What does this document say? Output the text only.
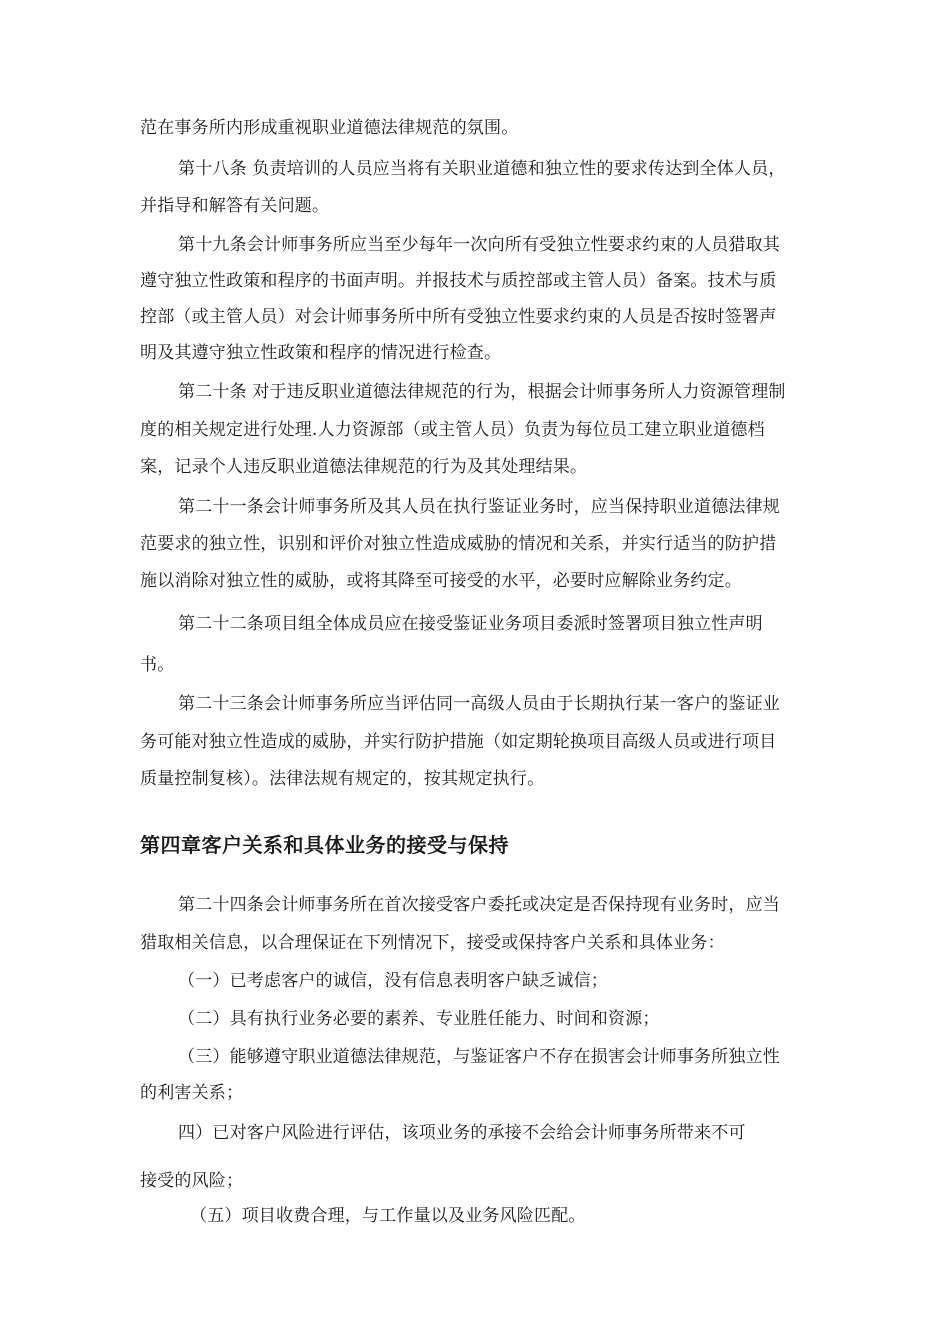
范在事务所内形成重视职业道德法律规范的氛围。

第十八条 负责培训的人员应当将有关职业道德和独立性的要求传达到全体人员，

并指导和解答有关问题。

第十九条会计师事务所应当至少每年一次向所有受独立性要求约束的人员猎取其

遵守独立性政策和程序的书面声明。并报技术与质控部或主管人员）备案。技术与质

控部（或主管人员）对会计师事务所中所有受独立性要求约束的人员是否按时签署声

明及其遵守独立性政策和程序的情况进行检查。

第二十条 对于违反职业道德法律规范的行为，根据会计师事务所人力资源管理制

度的相关规定进行处理.人力资源部（或主管人员）负责为每位员工建立职业道德档

案，记录个人违反职业道德法律规范的行为及其处理结果。

第二十一条会计师事务所及其人员在执行鉴证业务时，应当保持职业道德法律规

范要求的独立性，识别和评价对独立性造成威胁的情况和关系，并实行适当的防护措

施以消除对独立性的威胁，或将其降至可接受的水平，必要时应解除业务约定。

第二十二条项目组全体成员应在接受鉴证业务项目委派时签署项目独立性声明

书。

第二十三条会计师事务所应当评估同一高级人员由于长期执行某一客户的鉴证业

务可能对独立性造成的威胁，并实行防护措施（如定期轮换项目高级人员或进行项目

质量控制复核）。法律法规有规定的，按其规定执行。

第四章客户关系和具体业务的接受与保持

第二十四条会计师事务所在首次接受客户委托或决定是否保持现有业务时，应当

猎取相关信息，以合理保证在下列情况下，接受或保持客户关系和具体业务：

（一）已考虑客户的诚信，没有信息表明客户缺乏诚信；

（二）具有执行业务必要的素养、专业胜任能力、时间和资源；

（三）能够遵守职业道德法律规范，与鉴证客户不存在损害会计师事务所独立性

的利害关系；

四）已对客户风险进行评估，该项业务的承接不会给会计师事务所带来不可

接受的风险；

（五）项目收费合理，与工作量以及业务风险匹配。
